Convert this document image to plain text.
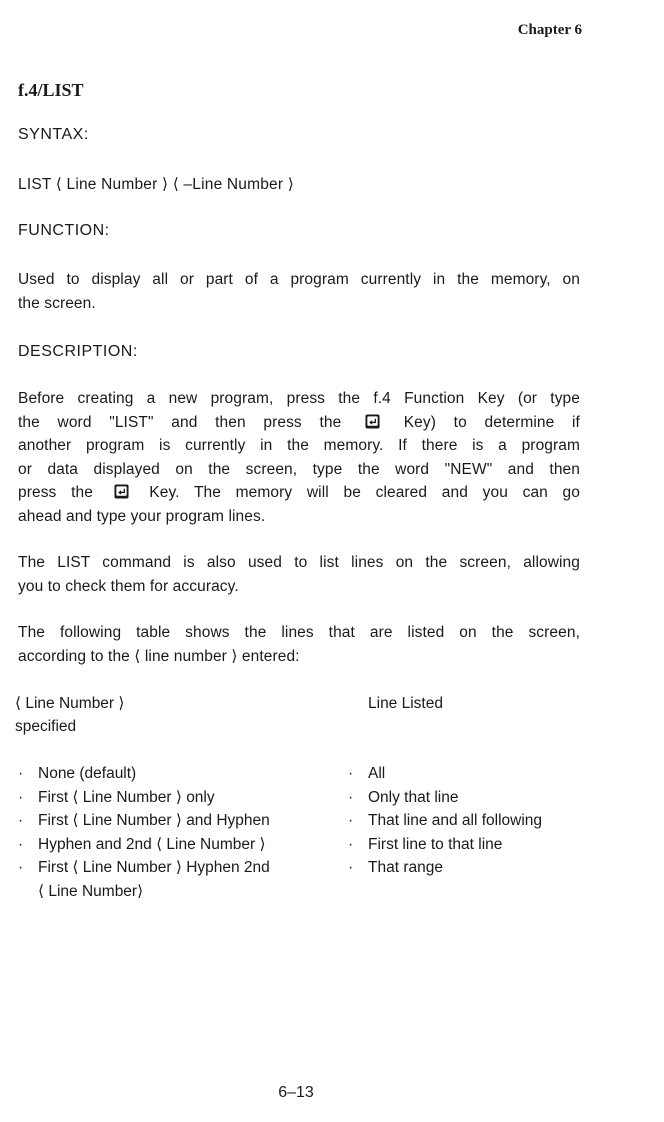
Chapter 6
f.4/LIST
SYNTAX:
LIST ⟨ Line Number ⟩ ⟨ –Line Number ⟩
FUNCTION:
Used to display all or part of a program currently in the memory, on
the screen.
DESCRIPTION:
Before creating a new program, press the f.4 Function Key (or type
the word "LIST" and then press the	Key) to determine if
another program is currently in the memory. If there is a program
or data displayed on the screen, type the word "NEW" and then
press the	Key. The memory will be cleared and you can go
ahead and type your program lines.
The LIST command is also used to list lines on the screen, allowing
you to check them for accuracy.
The following table shows the lines that are listed on the screen,
according to the ⟨ line number ⟩ entered:
⟨ Line Number ⟩
specified
Line Listed
· None (default)
· First ⟨ Line Number ⟩ only
· First ⟨ Line Number ⟩ and Hyphen
· Hyphen and 2nd ⟨ Line Number ⟩
· First ⟨ Line Number ⟩ Hyphen 2nd
⟨ Line Number⟩
· All
· Only that line
· That line and all following
· First line to that line
· That range
6–13
